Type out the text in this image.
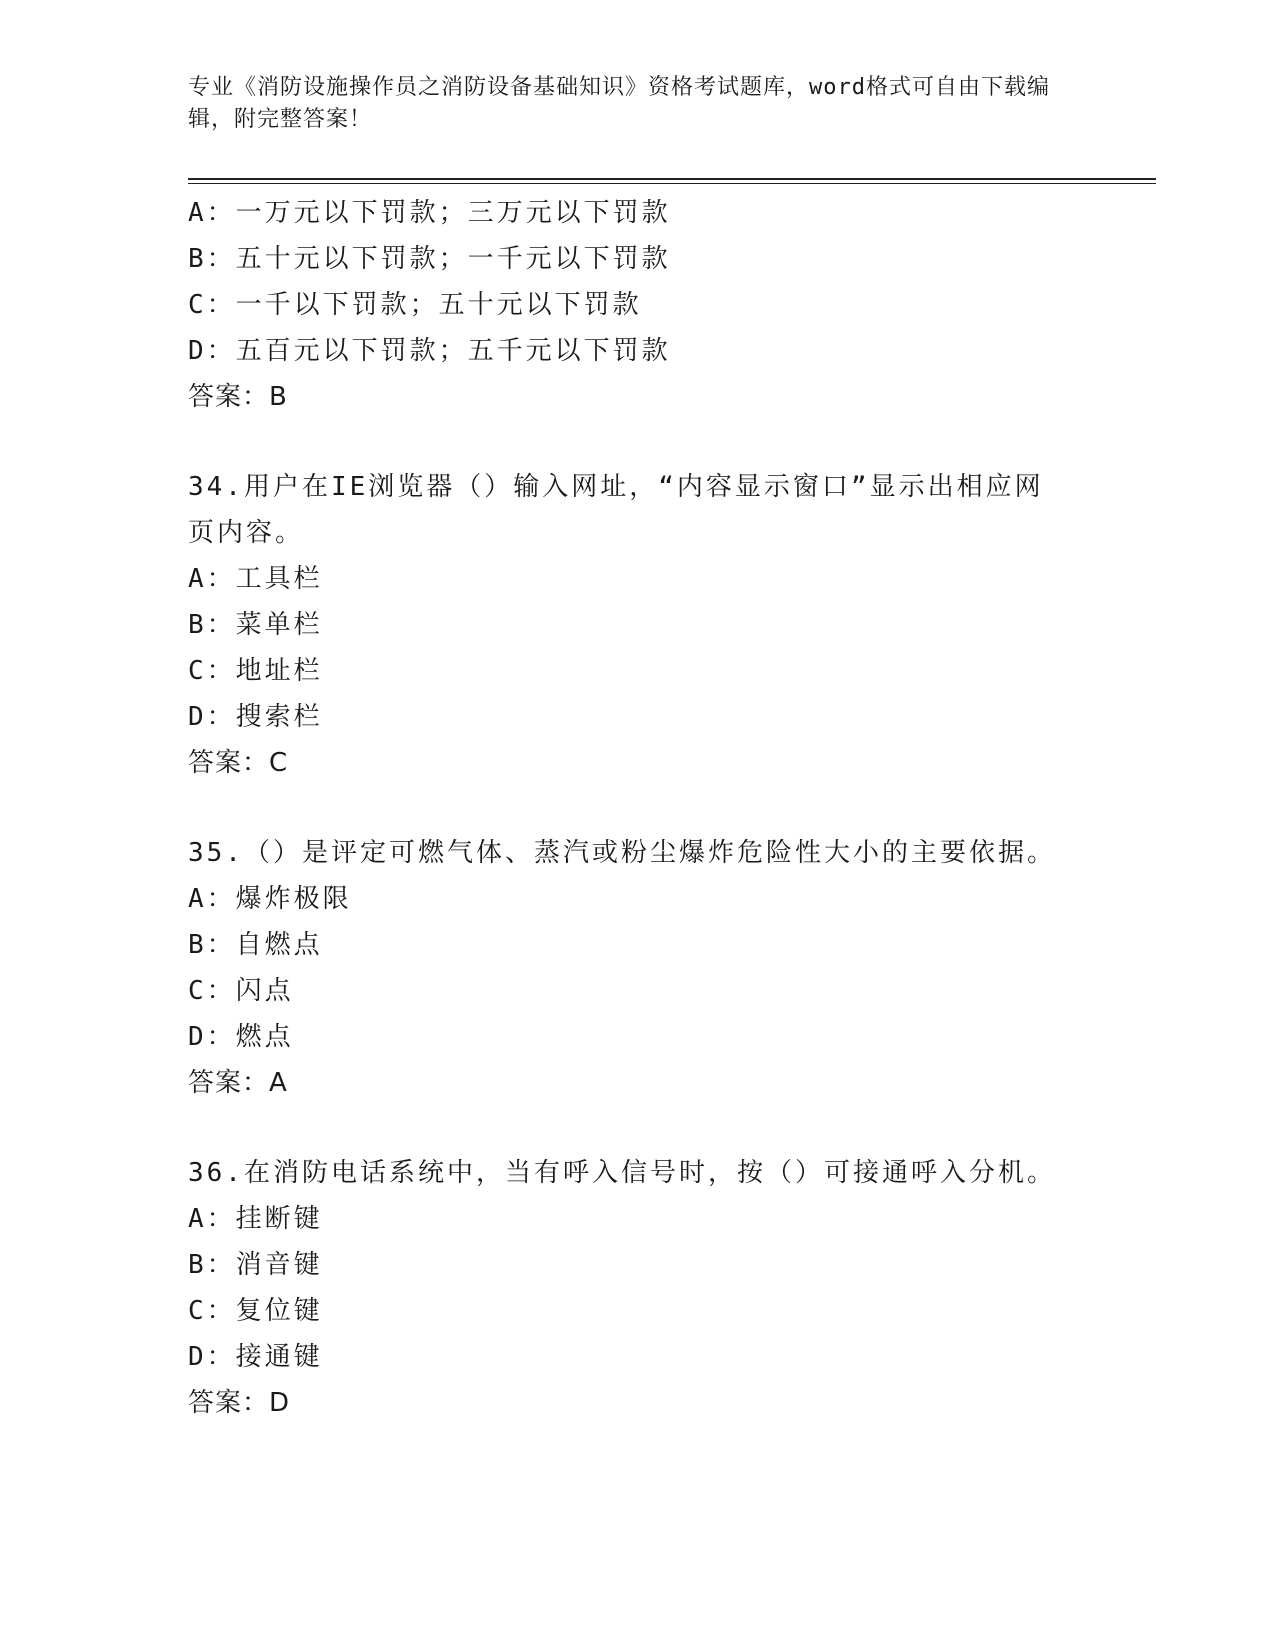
专业《消防设施操作员之消防设备基础知识》资格考试题库，word格式可自由下载编辑，附完整答案！
A：一万元以下罚款；三万元以下罚款
B：五十元以下罚款；一千元以下罚款
C：一千以下罚款；五十元以下罚款
D：五百元以下罚款；五千元以下罚款
答案：B
34.用户在IE浏览器（）输入网址，“内容显示窗口”显示出相应网
页内容。
A：工具栏
B：菜单栏
C：地址栏
D：搜索栏
答案：C
35.（）是评定可燃气体、蒸汽或粉尘爆炸危险性大小的主要依据。
A：爆炸极限
B：自燃点
C：闪点
D：燃点
答案：A
36.在消防电话系统中，当有呼入信号时，按（）可接通呼入分机。
A：挂断键
B：消音键
C：复位键
D：接通键
答案：D
